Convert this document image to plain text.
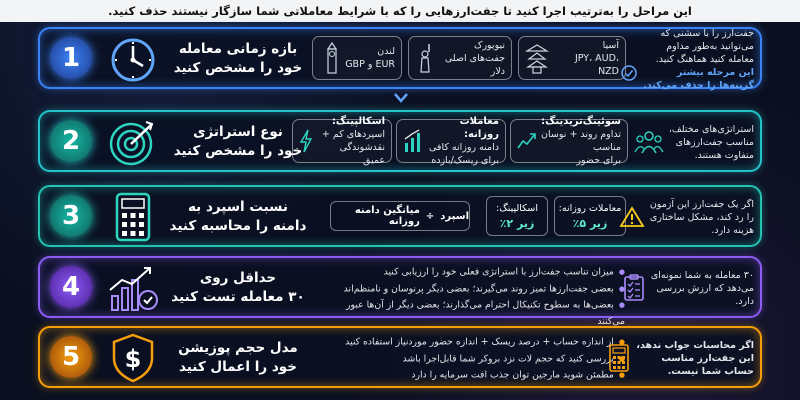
این مراحل را به‌ترتیب اجرا کنید تا جفت‌ارزهایی را که با شرایط معاملاتی شما سازگار نیستند حذف کنید.
1	بازه زمانی معامله
خود را مشخص کنید
لندن
EUR و GBP
نیویورک
جفت‌های اصلی دلار
آسیا
JPY، AUD، NZD
جفت‌ارز را با سشنی که
می‌توانید به‌طور مداوم
معامله کنید هماهنگ کنید.
این مرحله بیشتر
گزینه‌ها را حذف می‌کند.
2	نوع استراتژی
خود را مشخص کنید
اسکالپینگ:
اسپردهای کم +
نقدشوندگی عمیق
معاملات روزانه:
دامنه روزانه کافی
برای ریسک/بازده
سوئینگ‌تریدینگ:
تداوم روند + نوسان مناسب
برای حضور
استراتژی‌های مختلف،
مناسب جفت‌ارزهای
متفاوت هستند.
3	نسبت اسپرد به
دامنه را محاسبه کنید
اسپرد
÷
میانگین دامنه روزانه
اسکالپینگ:
زیر ۲٪
معاملات روزانه:
زیر ۵٪
اگر یک جفت‌ارز این آزمون
را رد کند، مشکل ساختاری
هزینه دارد.
4	حداقل روی
۳۰ معامله تست کنید
● میزان تناسب جفت‌ارز با استراتژی فعلی خود را ارزیابی کنید
● بعضی جفت‌ارزها تمیز روند می‌گیرند؛ بعضی دیگر پرنوسان و نامنظم‌اند
● بعضی‌ها به سطوح تکنیکال احترام می‌گذارند؛ بعضی دیگر از آن‌ها عبور می‌کنند
۳۰ معامله به شما نمونه‌ای
می‌دهد که ارزش بررسی
دارد.
5	$	مدل حجم پوزیشن
خود را اعمال کنید
● از اندازه حساب + درصد ریسک + اندازه حضور موردنیاز استفاده کنید
● بررسی کنید که حجم لات نزد بروکر شما قابل‌اجرا باشد
● مطمئن شوید مارجین توان جذب افت سرمایه را دارد
اگر محاسبات جواب ندهد،
این جفت‌ارز مناسب
حساب شما نیست.
